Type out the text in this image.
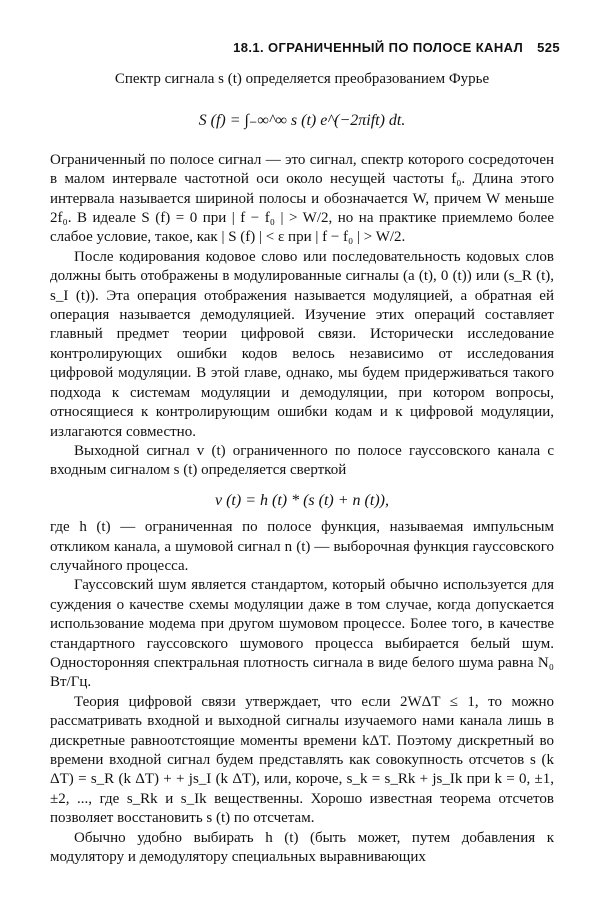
18.1. ОГРАНИЧЕННЫЙ ПО ПОЛОСЕ КАНАЛ 525

Спектр сигнала s (t) определяется преобразованием Фурье

S (f) = ∫₋∞^∞ s (t) e^(−2πift) dt.

Ограниченный по полосе сигнал — это сигнал, спектр которого сосредоточен в малом интервале частотной оси около несущей частоты f₀. Длина этого интервала называется шириной полосы и обозначается W, причем W меньше 2f₀. В идеале S (f) = 0 при | f − f₀ | > W/2, но на практике приемлемо более слабое условие, такое, как | S (f) | < ε при | f − f₀ | > W/2.

После кодирования кодовое слово или последовательность кодовых слов должны быть отображены в модулированные сигналы (a (t), 0 (t)) или (s_R (t), s_I (t)). Эта операция отображения называется модуляцией, а обратная ей операция называется демодуляцией. Изучение этих операций составляет главный предмет теории цифровой связи. Исторически исследование контролирующих ошибки кодов велось независимо от исследования цифровой модуляции. В этой главе, однако, мы будем придерживаться такого подхода к системам модуляции и демодуляции, при котором вопросы, относящиеся к контролирующим ошибки кодам и к цифровой модуляции, излагаются совместно.

Выходной сигнал v (t) ограниченного по полосе гауссовского канала с входным сигналом s (t) определяется сверткой

v (t) = h (t) * (s (t) + n (t)),

где h (t) — ограниченная по полосе функция, называемая импульсным откликом канала, а шумовой сигнал n (t) — выборочная функция гауссовского случайного процесса.

Гауссовский шум является стандартом, который обычно используется для суждения о качестве схемы модуляции даже в том случае, когда допускается использование модема при другом шумовом процессе. Более того, в качестве стандартного гауссовского шумового процесса выбирается белый шум. Односторонняя спектральная плотность сигнала в виде белого шума равна N₀ Вт/Гц.

Теория цифровой связи утверждает, что если 2WΔT ≤ 1, то можно рассматривать входной и выходной сигналы изучаемого нами канала лишь в дискретные равноотстоящие моменты времени kΔT. Поэтому дискретный во времени входной сигнал будем представлять как совокупность отсчетов s (k ΔT) = s_R (k ΔT) + + js_I (k ΔT), или, короче, s_k = s_Rk + js_Ik при k = 0, ±1, ±2, ..., где s_Rk и s_Ik вещественны. Хорошо известная теорема отсчетов позволяет восстановить s (t) по отсчетам.

Обычно удобно выбирать h (t) (быть может, путем добавления к модулятору и демодулятору специальных выравнивающих
